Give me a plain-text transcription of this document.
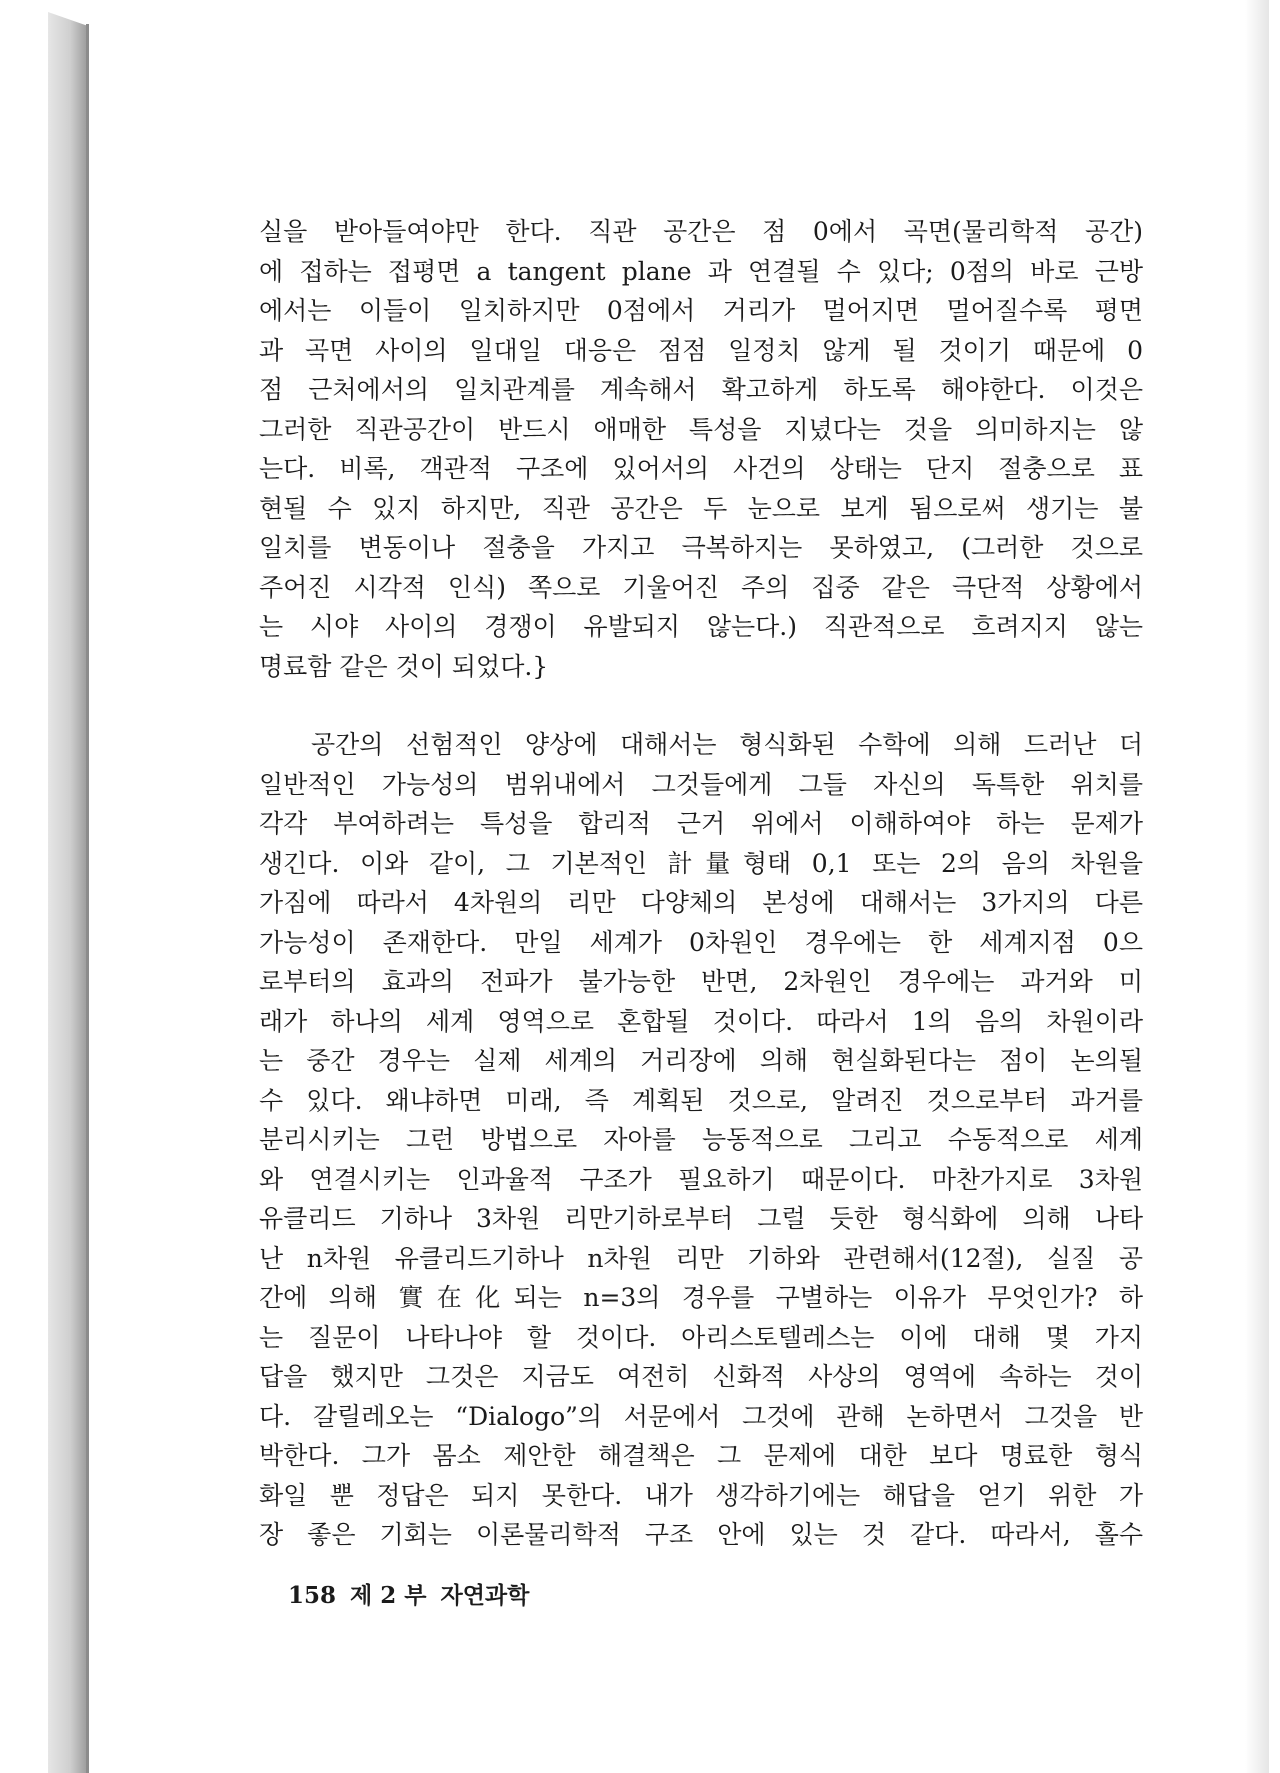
실을 받아들여야만 한다. 직관 공간은 점 0에서 곡면(물리학적 공간)
에 접하는 접평면 a tangent plane 과 연결될 수 있다; 0점의 바로 근방
에서는 이들이 일치하지만 0점에서 거리가 멀어지면 멀어질수록 평면
과 곡면 사이의 일대일 대응은 점점 일정치 않게 될 것이기 때문에 0
점 근처에서의 일치관계를 계속해서 확고하게 하도록 해야한다. 이것은
그러한 직관공간이 반드시 애매한 특성을 지녔다는 것을 의미하지는 않
는다. 비록, 객관적 구조에 있어서의 사건의 상태는 단지 절충으로 표
현될 수 있지 하지만, 직관 공간은 두 눈으로 보게 됨으로써 생기는 불
일치를 변동이나 절충을 가지고 극복하지는 못하였고, (그러한 것으로
주어진 시각적 인식) 쪽으로 기울어진 주의 집중 같은 극단적 상황에서
는 시야 사이의 경쟁이 유발되지 않는다.) 직관적으로 흐려지지 않는
명료함 같은 것이 되었다.}

공간의 선험적인 양상에 대해서는 형식화된 수학에 의해 드러난 더
일반적인 가능성의 범위내에서 그것들에게 그들 자신의 독특한 위치를
각각 부여하려는 특성을 합리적 근거 위에서 이해하여야 하는 문제가
생긴다. 이와 같이, 그 기본적인 計量형태 0,1 또는 2의 음의 차원을
가짐에 따라서 4차원의 리만 다양체의 본성에 대해서는 3가지의 다른
가능성이 존재한다. 만일 세계가 0차원인 경우에는 한 세계지점 0으
로부터의 효과의 전파가 불가능한 반면, 2차원인 경우에는 과거와 미
래가 하나의 세계 영역으로 혼합될 것이다. 따라서 1의 음의 차원이라
는 중간 경우는 실제 세계의 거리장에 의해 현실화된다는 점이 논의될
수 있다. 왜냐하면 미래, 즉 계획된 것으로, 알려진 것으로부터 과거를
분리시키는 그런 방법으로 자아를 능동적으로 그리고 수동적으로 세계
와 연결시키는 인과율적 구조가 필요하기 때문이다. 마찬가지로 3차원
유클리드 기하나 3차원 리만기하로부터 그럴 듯한 형식화에 의해 나타
난 n차원 유클리드기하나 n차원 리만 기하와 관련해서(12절), 실질 공
간에 의해 實在化되는 n=3의 경우를 구별하는 이유가 무엇인가? 하
는 질문이 나타나야 할 것이다. 아리스토텔레스는 이에 대해 몇 가지
답을 했지만 그것은 지금도 여전히 신화적 사상의 영역에 속하는 것이
다. 갈릴레오는 “Dialogo”의 서문에서 그것에 관해 논하면서 그것을 반
박한다. 그가 몸소 제안한 해결책은 그 문제에 대한 보다 명료한 형식
화일 뿐 정답은 되지 못한다. 내가 생각하기에는 해답을 얻기 위한 가
장 좋은 기회는 이론물리학적 구조 안에 있는 것 같다. 따라서, 홀수

158 제 2 부 자연과학
